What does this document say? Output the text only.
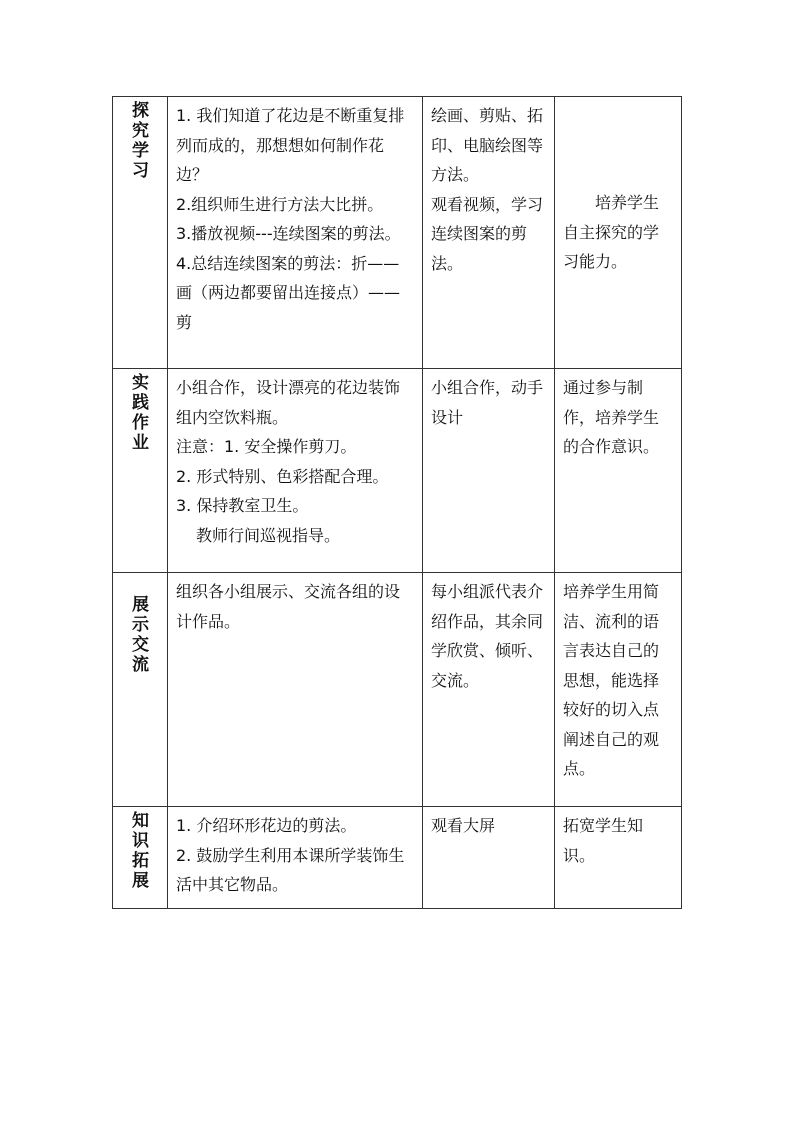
探究学习	1. 我们知道了花边是不断重复排列而成的，那想想如何制作花边？
2.组织师生进行方法大比拼。
3.播放视频---连续图案的剪法。
4.总结连续图案的剪法：折——画（两边都要留出连接点）——剪	绘画、剪贴、拓印、电脑绘图等方法。
观看视频，学习连续图案的剪法。	　　培养学生自主探究的学习能力。

实践作业	小组合作，设计漂亮的花边装饰组内空饮料瓶。
注意：1. 安全操作剪刀。
2. 形式特别、色彩搭配合理。
3. 保持教室卫生。
教师行间巡视指导。	小组合作，动手设计	通过参与制作，培养学生的合作意识。

展示交流	组织各小组展示、交流各组的设计作品。	每小组派代表介绍作品，其余同学欣赏、倾听、交流。	培养学生用简洁、流利的语言表达自己的思想，能选择较好的切入点阐述自己的观点。

知识拓展	1. 介绍环形花边的剪法。
2. 鼓励学生利用本课所学装饰生活中其它物品。	观看大屏	拓宽学生知识。
